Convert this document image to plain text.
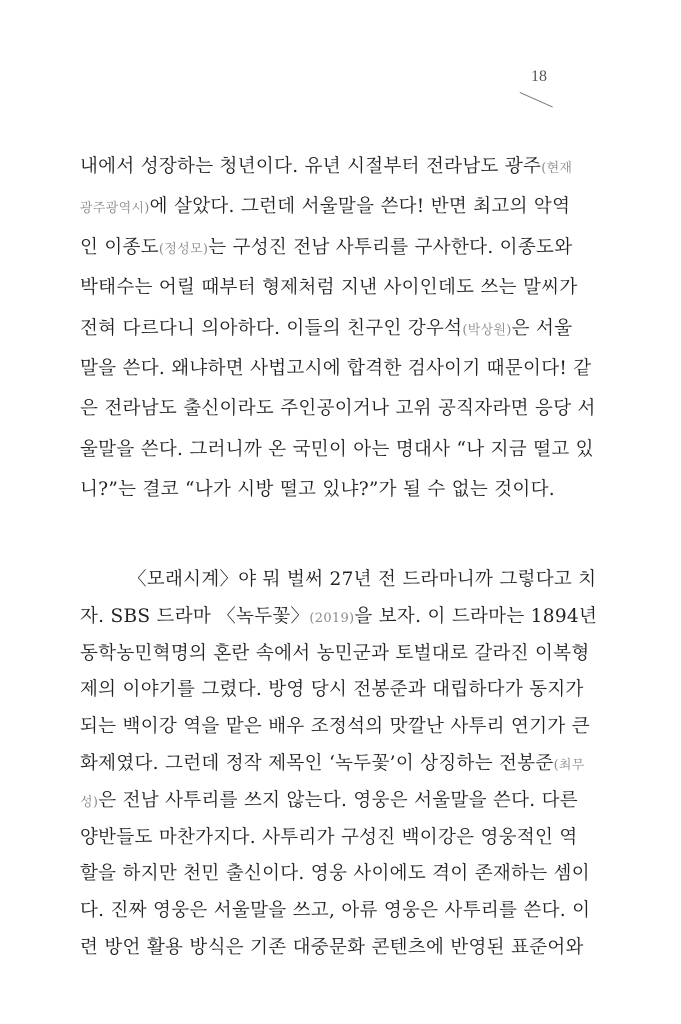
18
내에서 성장하는 청년이다. 유년 시절부터 전라남도 광주(현재
광주광역시)에 살았다. 그런데 서울말을 쓴다! 반면 최고의 악역
인 이종도(정성모)는 구성진 전남 사투리를 구사한다. 이종도와
박태수는 어릴 때부터 형제처럼 지낸 사이인데도 쓰는 말씨가
전혀 다르다니 의아하다. 이들의 친구인 강우석(박상원)은 서울
말을 쓴다. 왜냐하면 사법고시에 합격한 검사이기 때문이다! 같
은 전라남도 출신이라도 주인공이거나 고위 공직자라면 응당 서
울말을 쓴다. 그러니까 온 국민이 아는 명대사 “나 지금 떨고 있
니?”는 결코 “나가 시방 떨고 있냐?”가 될 수 없는 것이다.
〈모래시계〉야 뭐 벌써 27년 전 드라마니까 그렇다고 치
자. SBS 드라마 〈녹두꽃〉(2019)을 보자. 이 드라마는 1894년
동학농민혁명의 혼란 속에서 농민군과 토벌대로 갈라진 이복형
제의 이야기를 그렸다. 방영 당시 전봉준과 대립하다가 동지가
되는 백이강 역을 맡은 배우 조정석의 맛깔난 사투리 연기가 큰
화제였다. 그런데 정작 제목인 ‘녹두꽃’이 상징하는 전봉준(최무
성)은 전남 사투리를 쓰지 않는다. 영웅은 서울말을 쓴다. 다른
양반들도 마찬가지다. 사투리가 구성진 백이강은 영웅적인 역
할을 하지만 천민 출신이다. 영웅 사이에도 격이 존재하는 셈이
다. 진짜 영웅은 서울말을 쓰고, 아류 영웅은 사투리를 쓴다. 이
련 방언 활용 방식은 기존 대중문화 콘텐츠에 반영된 표준어와
